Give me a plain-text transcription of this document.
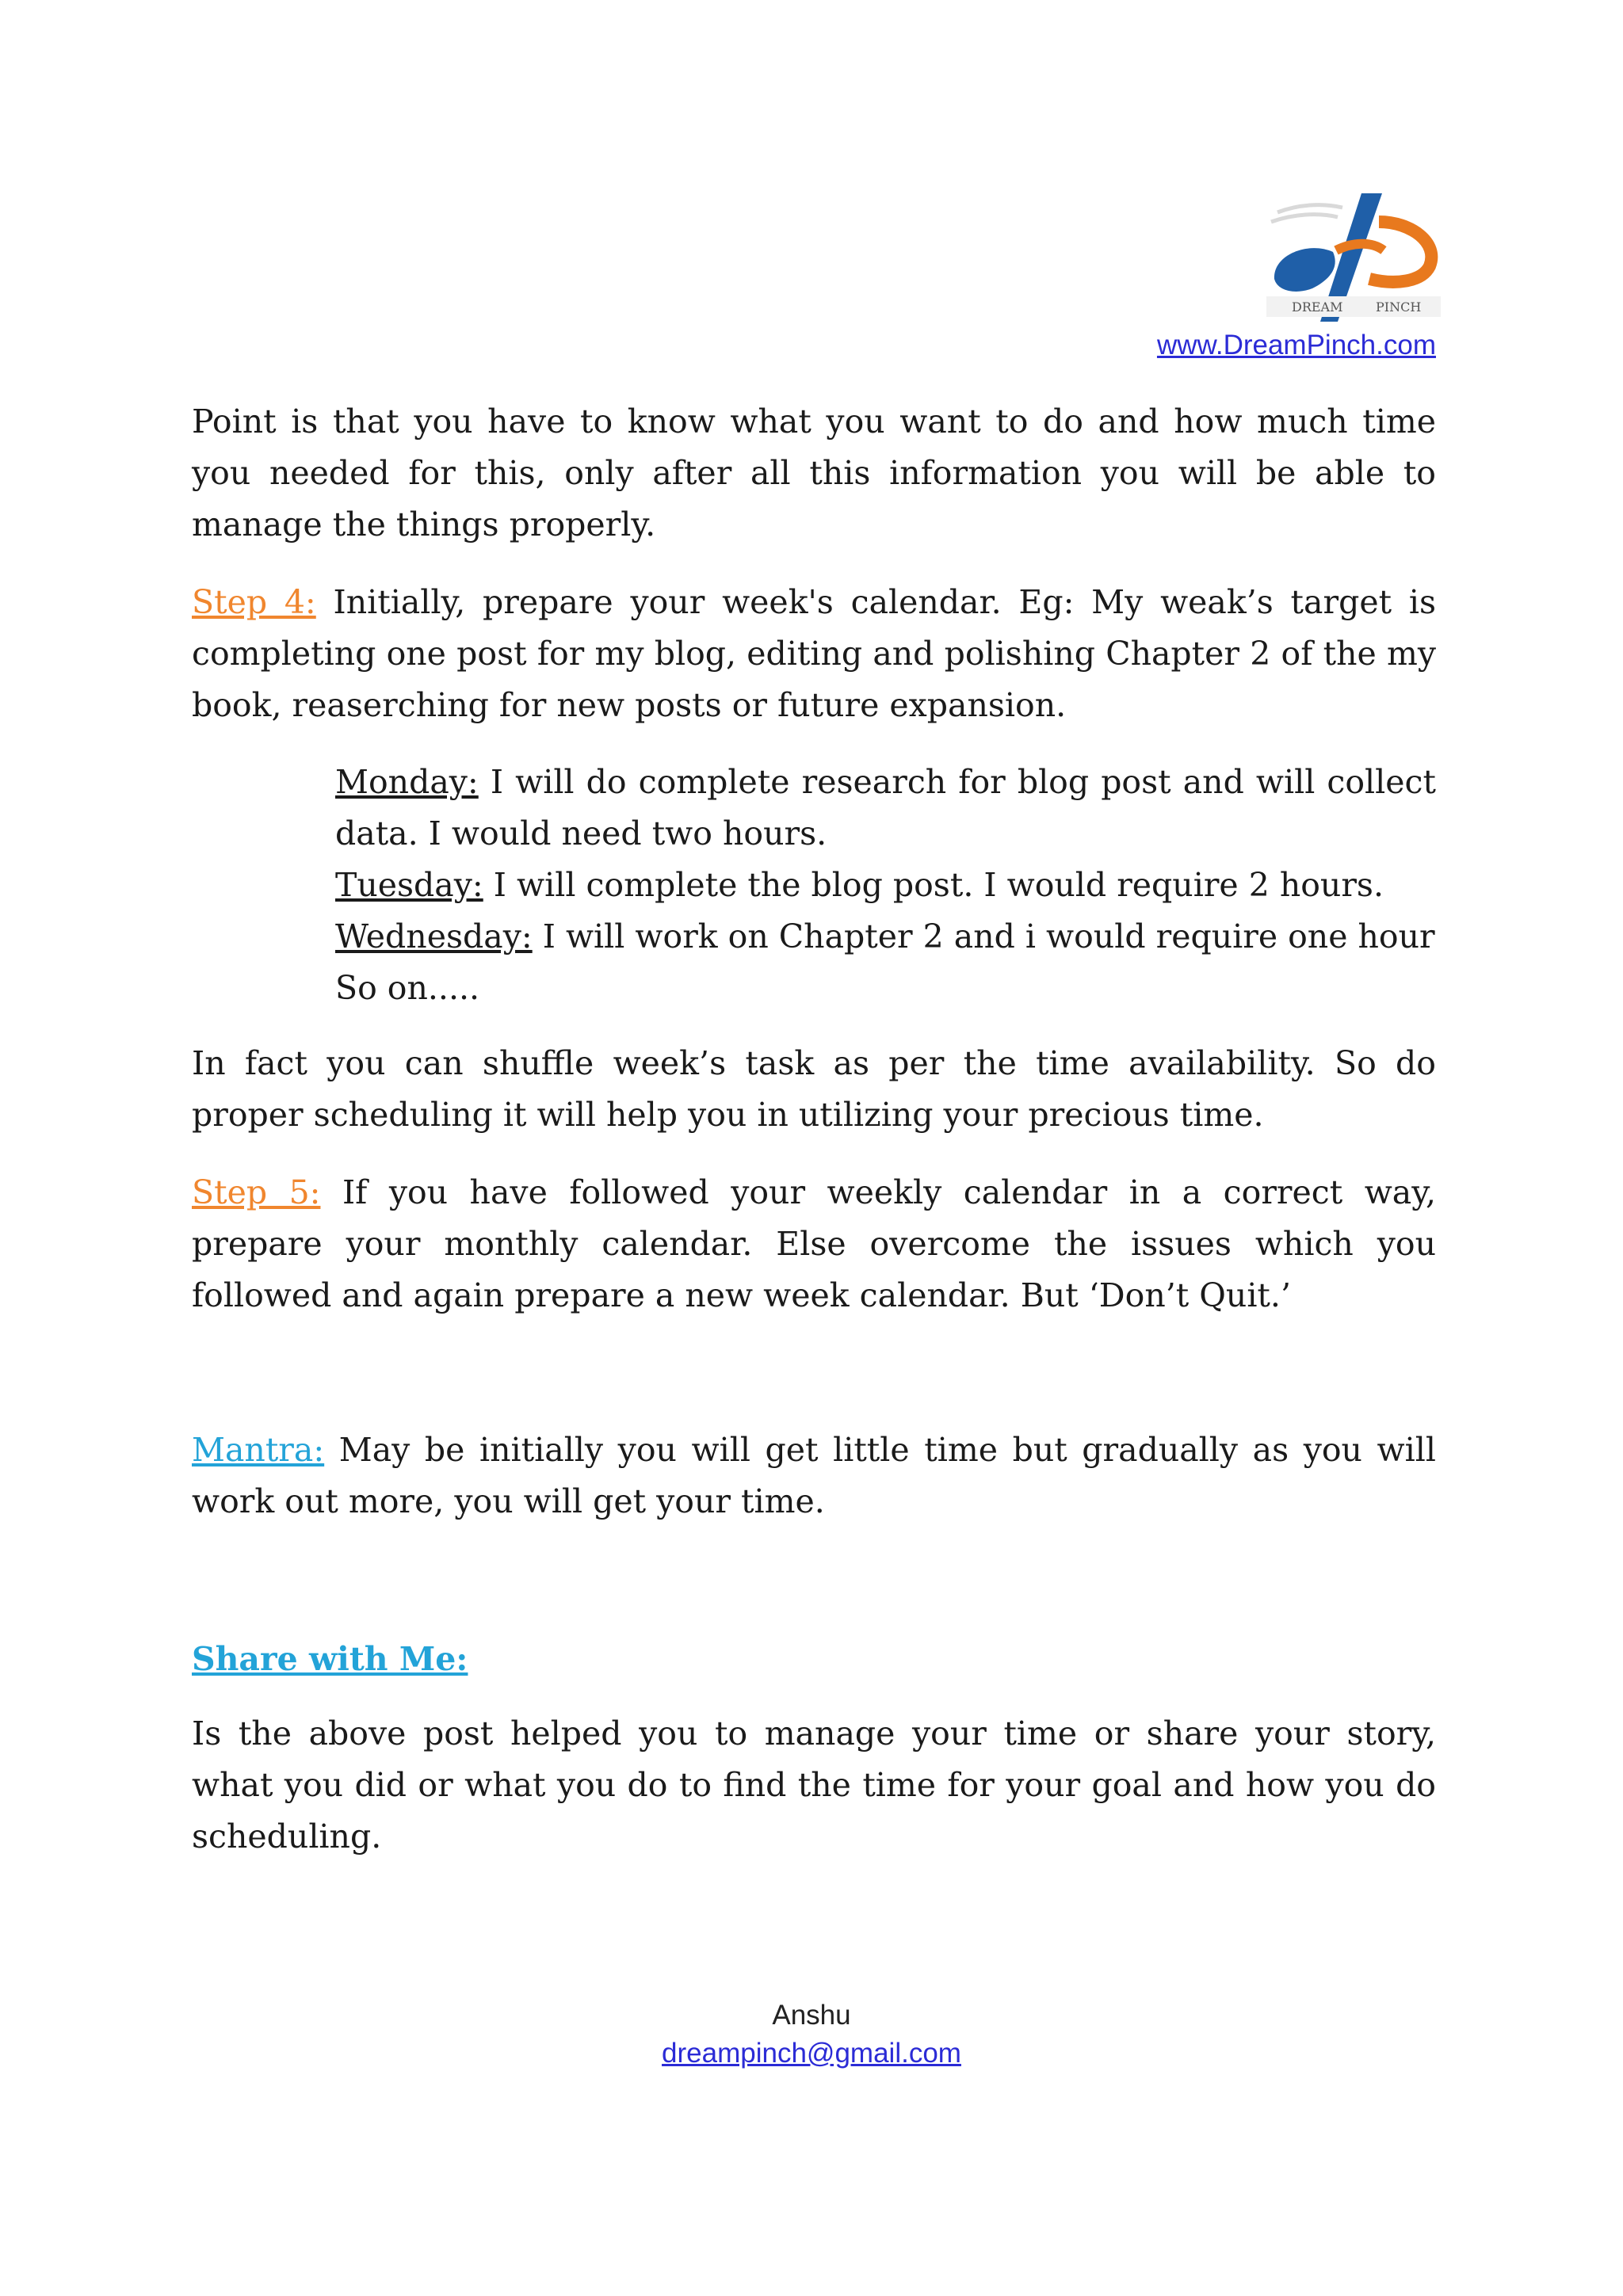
DREAM	PINCH
www.DreamPinch.com

Point is that you have to know what you want to do and how much time you needed for this, only after all this information you will be able to manage the things properly.

Step 4: Initially, prepare your week's calendar. Eg: My weak’s target is completing one post for my blog, editing and polishing Chapter 2 of the my book, reaserching for new posts or future expansion.

Monday: I will do complete research for blog post and will collect data. I would need two hours.
Tuesday: I will complete the blog post. I would require 2 hours.
Wednesday: I will work on Chapter 2 and i would require one hour
So on.....

In fact you can shuffle week’s task as per the time availability. So do proper scheduling it will help you in utilizing your precious time.

Step 5: If you have followed your weekly calendar in a correct way, prepare your monthly calendar. Else overcome the issues which you followed and again prepare a new week calendar. But ‘Don’t Quit.’

Mantra: May be initially you will get little time but gradually as you will work out more, you will get your time.

Share with Me:

Is the above post helped you to manage your time or share your story, what you did or what you do to find the time for your goal and how you do scheduling.

Anshu
dreampinch@gmail.com
